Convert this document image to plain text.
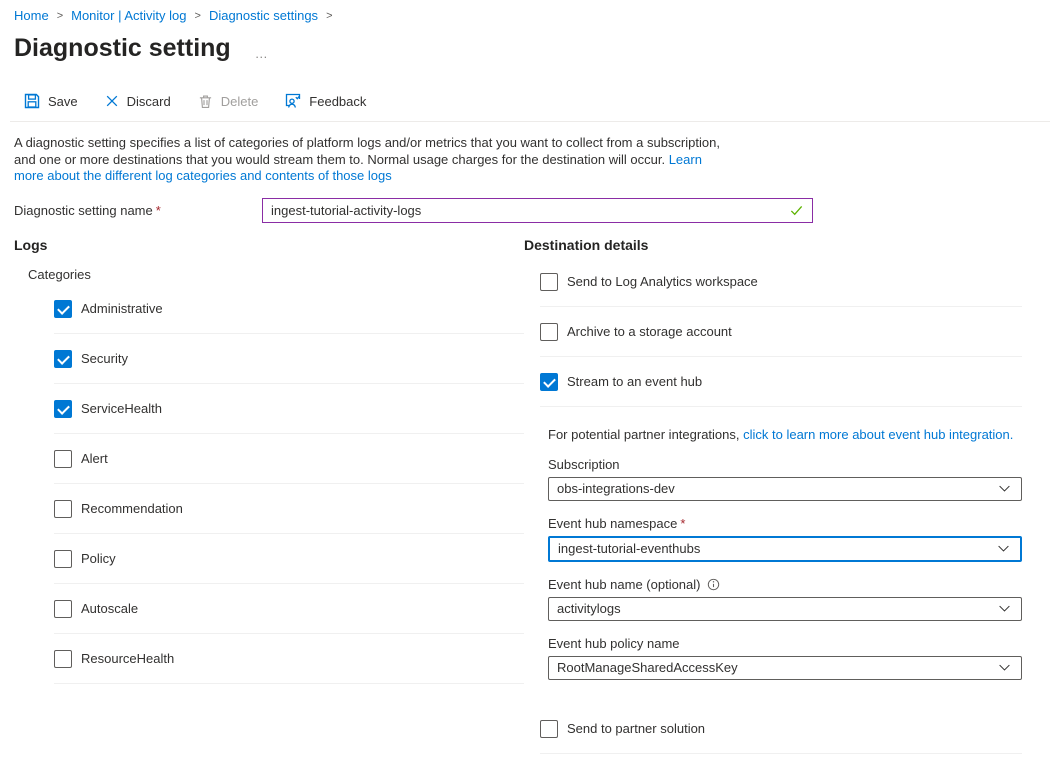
Home > Monitor | Activity log > Diagnostic settings >
Diagnostic setting …
Save	Discard	Delete	Feedback

A diagnostic setting specifies a list of categories of platform logs and/or metrics that you want to collect from a subscription, and one or more destinations that you would stream them to. Normal usage charges for the destination will occur. Learn more about the different log categories and contents of those logs

Diagnostic setting name *
ingest-tutorial-activity-logs
Logs
Categories
Administrative
Security
ServiceHealth
Alert
Recommendation
Policy
Autoscale
ResourceHealth
Destination details
Send to Log Analytics workspace
Archive to a storage account
Stream to an event hub

For potential partner integrations, click to learn more about event hub integration.

Subscription
obs-integrations-dev
Event hub namespace *
ingest-tutorial-eventhubs
Event hub name (optional)
activitylogs
Event hub policy name
RootManageSharedAccessKey
Send to partner solution
